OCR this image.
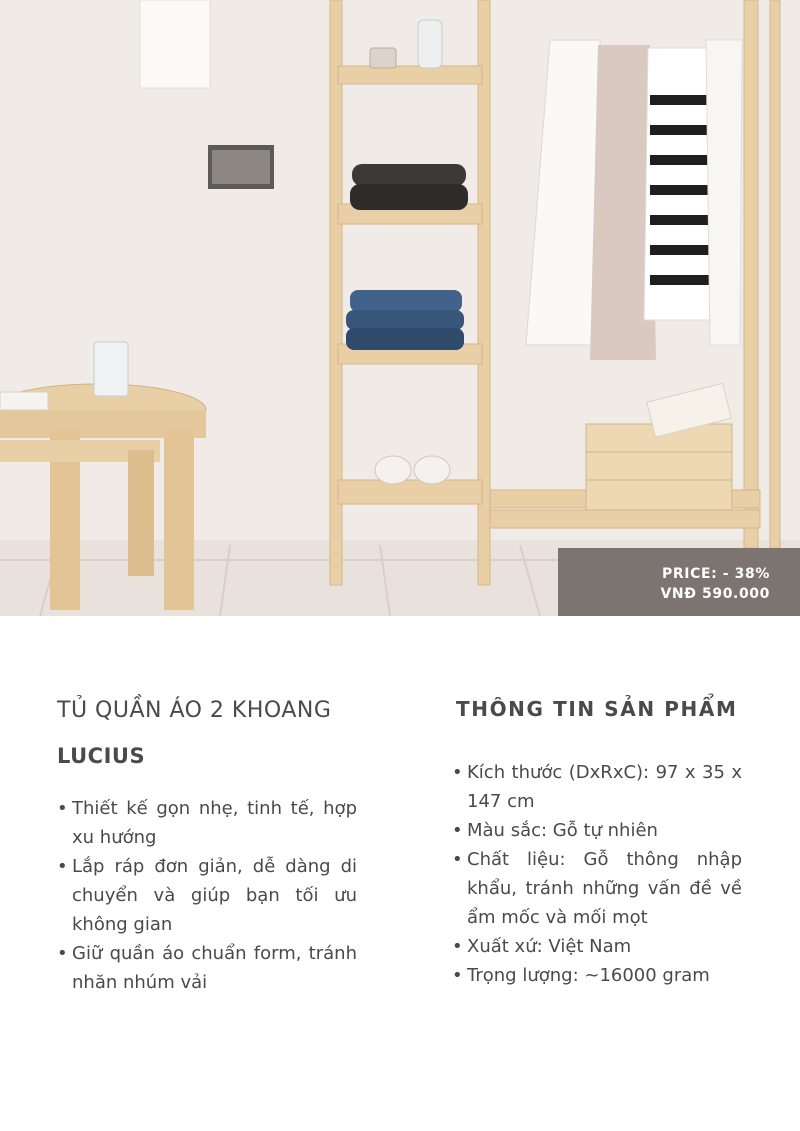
PRICE: - 38%
VNĐ 590.000
TỦ QUẦN ÁO 2 KHOANG
LUCIUS
• Thiết kế gọn nhẹ, tinh tế, hợp xu hướng
• Lắp ráp đơn giản, dễ dàng di chuyển và giúp bạn tối ưu không gian
• Giữ quần áo chuẩn form, tránh nhăn nhúm vải
THÔNG TIN SẢN PHẨM
• Kích thước (DxRxC): 97 x 35 x 147 cm
• Màu sắc: Gỗ tự nhiên
• Chất liệu: Gỗ thông nhập khẩu, tránh những vấn đề về ẩm mốc và mối mọt
• Xuất xứ: Việt Nam
• Trọng lượng: ~16000 gram
